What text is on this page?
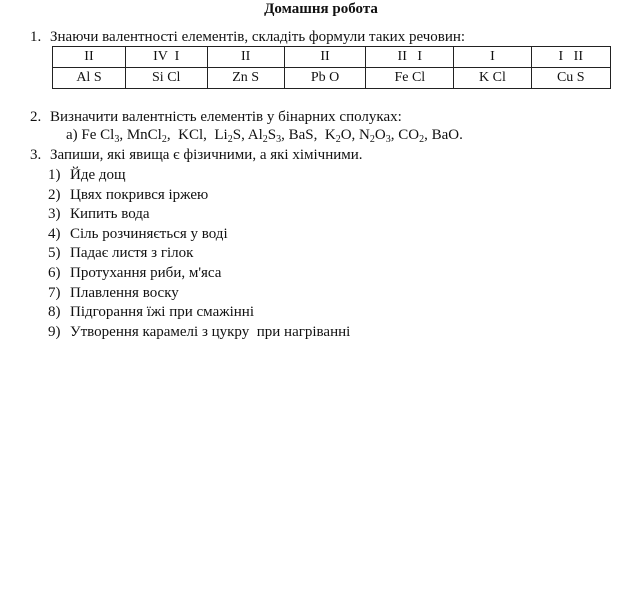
Домашня робота
1. Знаючи валентності елементів, складіть формули таких речовин:
II	IV  I	II	II	II   I	I	I   II
Al S	Si Cl	Zn S	Pb O	Fe Cl	K Cl	Cu S
2. Визначити валентність елементів у бінарних сполуках:
а) Fe $Cl_3$, MnCl$_2$,  KCl,  $Li_2S$, $Al_2S_3$, BaS,  $K_2O$, $N_2O_3$, $CO_2$, BaO.
3. Запиши, які явища є фізичними, а які хімічними.
1) Йде дощ
2) Цвях покрився іржею
3) Кипить вода
4) Сіль розчиняється у воді
5) Падає листя з гілок
6) Протухання риби, м'яса
7) Плавлення воску
8) Підгорання їжі при смажінні
9) Утворення карамелі з цукру  при нагріванні
